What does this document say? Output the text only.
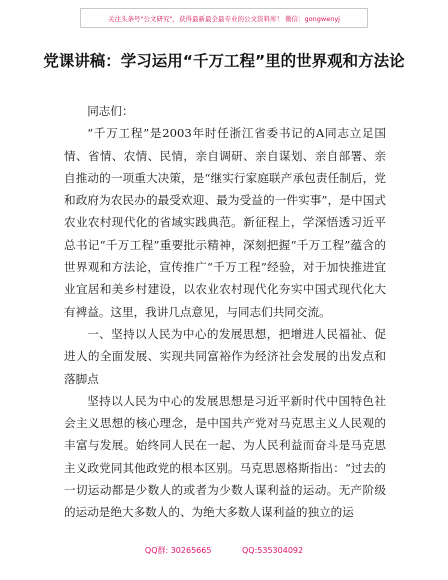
关注头条号"公文研究"，获得最新最全最专业的公文资料库！ 微信：gongwenyj
党课讲稿：学习运用“千万工程”里的世界观和方法论

同志们：

“千万工程”是2003年时任浙江省委书记的A同志立足国情、省情、农情、民情，亲自调研、亲自谋划、亲自部署、亲自推动的一项重大决策，是“继实行家庭联产承包责任制后，党和政府为农民办的最受欢迎、最为受益的一件实事”，是中国式农业农村现代化的省域实践典范。新征程上，学深悟透习近平总书记“千万工程”重要批示精神，深刻把握“千万工程”蕴含的世界观和方法论，宣传推广“千万工程”经验，对于加快推进宜业宜居和美乡村建设，以农业农村现代化夯实中国式现代化大有裨益。这里，我讲几点意见，与同志们共同交流。

一、坚持以人民为中心的发展思想，把增进人民福祉、促进人的全面发展、实现共同富裕作为经济社会发展的出发点和落脚点

坚持以人民为中心的发展思想是习近平新时代中国特色社会主义思想的核心理念，是中国共产党对马克思主义人民观的丰富与发展。始终同人民在一起、为人民利益而奋斗是马克思主义政党同其他政党的根本区别。马克思恩格斯指出：“过去的一切运动都是少数人的或者为少数人谋利益的运动。无产阶级的运动是绝大多数人的、为绝大多数人谋利益的独立的运

QQ群: 30265665	QQ:535304092
